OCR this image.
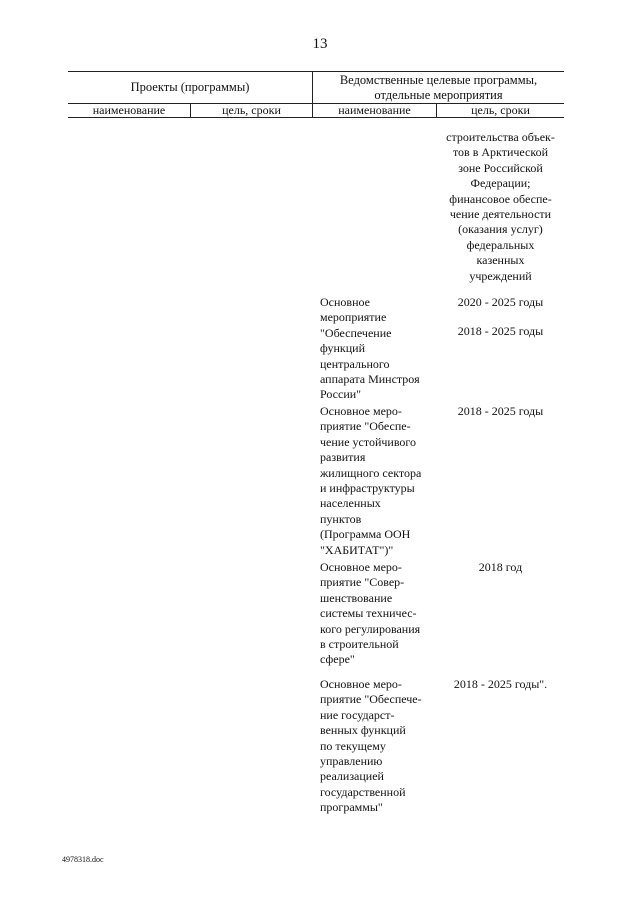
13
Проекты (программы)	Ведомственные целевые программы,
отдельные мероприятия
наименование	цель, сроки	наименование	цель, сроки
строительства объек-
тов в Арктической
зоне Российской
Федерации;
финансовое обеспе-
чение деятельности
(оказания услуг)
федеральных
казенных
учреждений
Основное
мероприятие
"Обеспечение
функций
центрального
аппарата Минстроя
России"
2020 - 2025 годы
2018 - 2025 годы
Основное меро-
приятие "Обеспе-
чение устойчивого
развития
жилищного сектора
и инфраструктуры
населенных
пунктов
(Программа ООН
"ХАБИТАТ")"
2018 - 2025 годы
Основное меро-
приятие "Совер-
шенствование
системы техничес-
кого регулирования
в строительной
сфере"
2018 год
Основное меро-
приятие "Обеспече-
ние государст-
венных функций
по текущему
управлению
реализацией
государственной
программы"
2018 - 2025 годы".
4978318.doc
